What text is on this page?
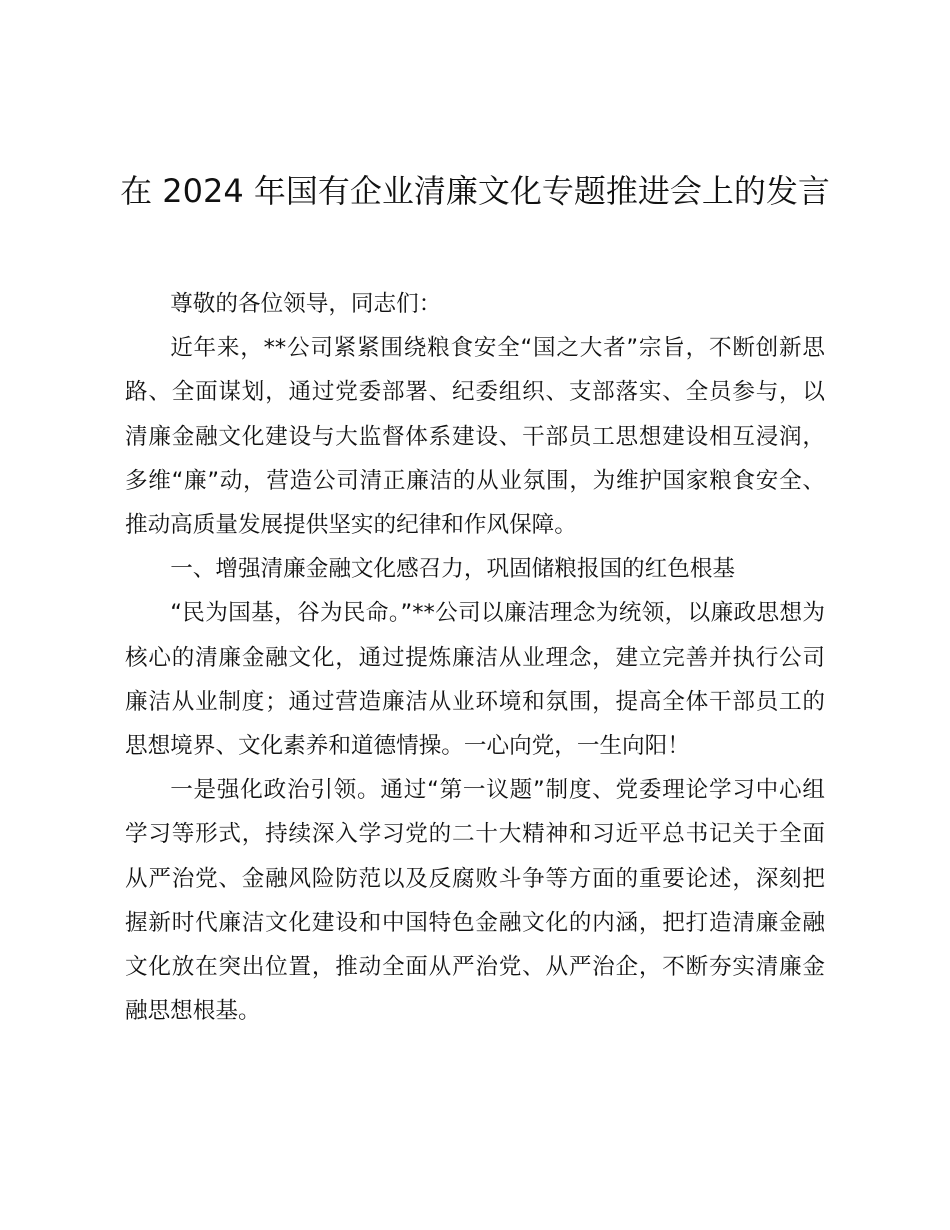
在 2024 年国有企业清廉文化专题推进会上的发言

尊敬的各位领导，同志们：

近年来，**公司紧紧围绕粮食安全“国之大者”宗旨，不断创新思路、全面谋划，通过党委部署、纪委组织、支部落实、全员参与，以清廉金融文化建设与大监督体系建设、干部员工思想建设相互浸润，多维“廉”动，营造公司清正廉洁的从业氛围，为维护国家粮食安全、推动高质量发展提供坚实的纪律和作风保障。

一、增强清廉金融文化感召力，巩固储粮报国的红色根基

“民为国基，谷为民命。”**公司以廉洁理念为统领，以廉政思想为核心的清廉金融文化，通过提炼廉洁从业理念，建立完善并执行公司廉洁从业制度；通过营造廉洁从业环境和氛围，提高全体干部员工的思想境界、文化素养和道德情操。一心向党，一生向阳！

一是强化政治引领。通过“第一议题”制度、党委理论学习中心组学习等形式，持续深入学习党的二十大精神和习近平总书记关于全面从严治党、金融风险防范以及反腐败斗争等方面的重要论述，深刻把握新时代廉洁文化建设和中国特色金融文化的内涵，把打造清廉金融文化放在突出位置，推动全面从严治党、从严治企，不断夯实清廉金融思想根基。
